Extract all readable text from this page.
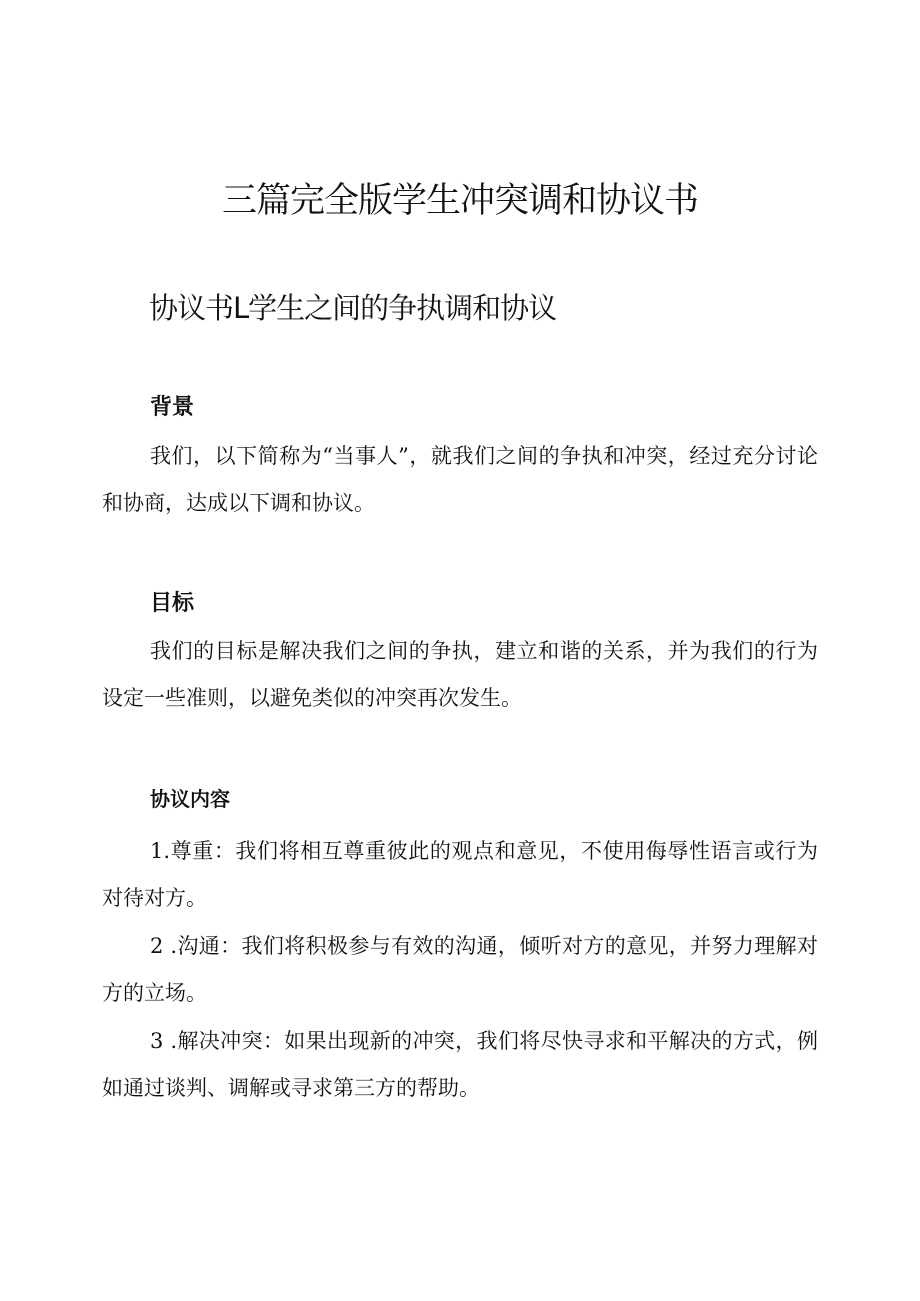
三篇完全版学生冲突调和协议书
协议书L学生之间的争执调和协议
背景

我们，以下简称为“当事人”，就我们之间的争执和冲突，经过充分讨论和协商，达成以下调和协议。

目标

我们的目标是解决我们之间的争执，建立和谐的关系，并为我们的行为设定一些准则，以避免类似的冲突再次发生。

协议内容

1.尊重：我们将相互尊重彼此的观点和意见，不使用侮辱性语言或行为对待对方。

2 .沟通：我们将积极参与有效的沟通，倾听对方的意见，并努力理解对方的立场。

3 .解决冲突：如果出现新的冲突，我们将尽快寻求和平解决的方式，例如通过谈判、调解或寻求第三方的帮助。
